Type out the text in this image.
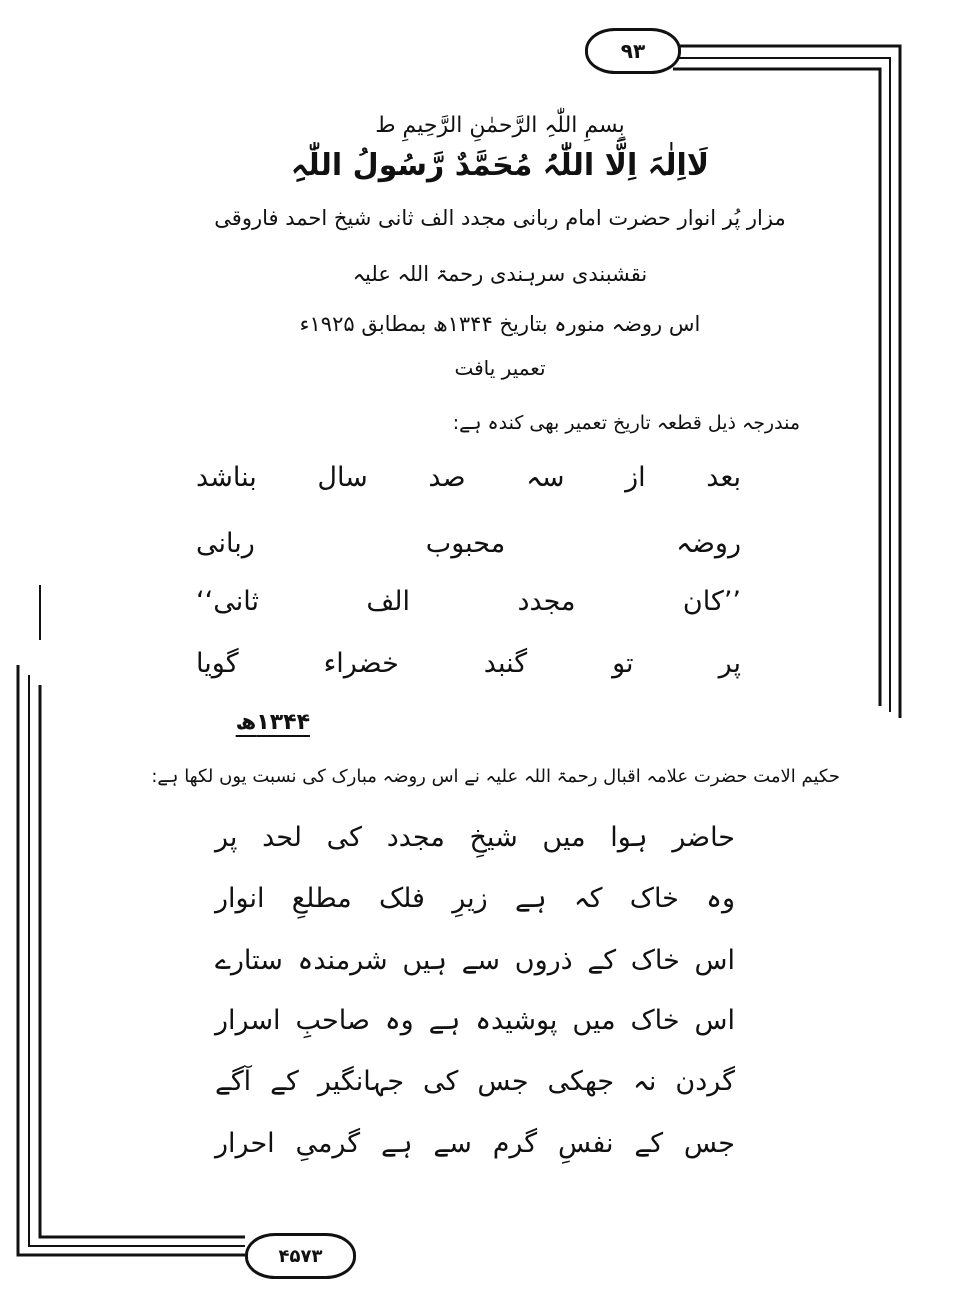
۹۳
بِسمِ اللّٰہِ الرَّحمٰنِ الرَّحِیمِ ط
لَااِلٰہَ اِلَّا اللّٰہُ مُحَمَّدٌ رَّسُولُ اللّٰہِ
مزار پُر انوار حضرت امام ربانی مجدد الف ثانی شیخ احمد فاروقی
نقشبندی سرہندی رحمۃ اللہ علیہ
اس روضہ منورہ بتاریخ ۱۳۴۴ھ بمطابق ۱۹۲۵ء
تعمیر یافت
مندرجہ ذیل قطعہ تاریخ تعمیر بھی کندہ ہے:
بعد
از
سہ
صد
سال
بناشد
روضہ
محبوب
ربانی
’’کان
مجدد
الف
ثانی‘‘
پر
تو
گنبد
خضراء
گویا
۱۳۴۴ھ
حکیم الامت حضرت علامہ اقبال رحمۃ اللہ علیہ نے اس روضہ مبارک کی نسبت یوں لکھا ہے:
حاضر ہوا میں شیخِ مجدد کی لحد پر
وہ خاک کہ ہے زیرِ فلک مطلعِ انوار
اس خاک کے ذروں سے ہیں شرمندہ ستارے
اس خاک میں پوشیدہ ہے وہ صاحبِ اسرار
گردن نہ جھکی جس کی جہانگیر کے آگے
جس کے نفسِ گرم سے ہے گرمیِ احرار
۴۵۷۳
